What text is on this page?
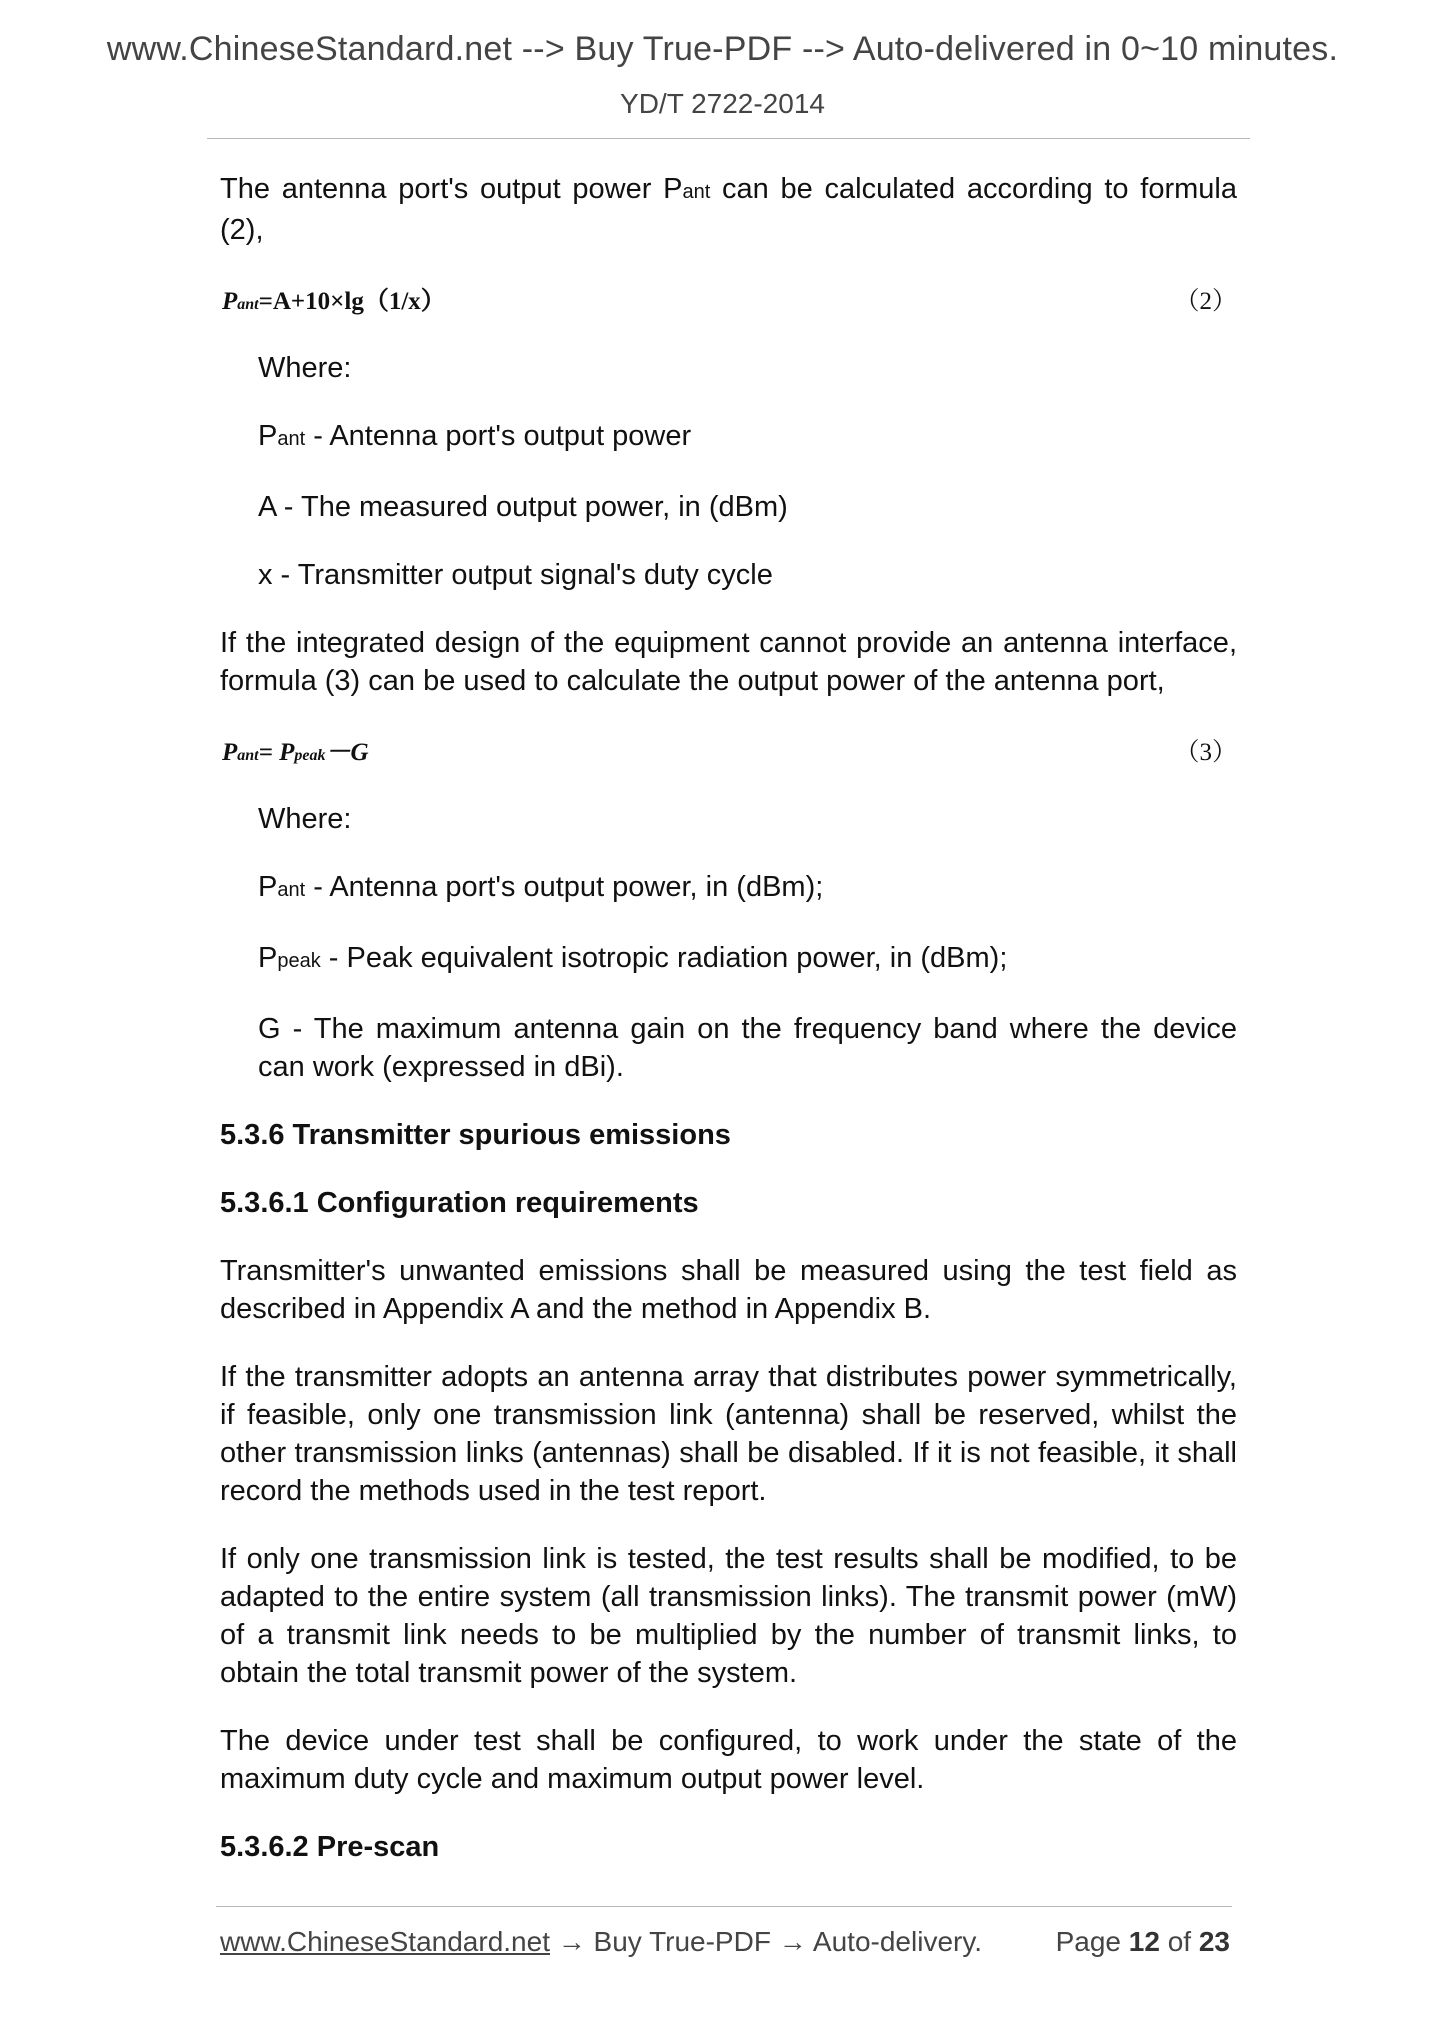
www.ChineseStandard.net --> Buy True-PDF --> Auto-delivered in 0~10 minutes.
YD/T 2722-2014

The antenna port's output power Pant can be calculated according to formula (2),

Pant=A+10×lg（1/x）	（2）

Where:

Pant - Antenna port's output power

A - The measured output power, in (dBm)

x - Transmitter output signal's duty cycle

If the integrated design of the equipment cannot provide an antenna interface, formula (3) can be used to calculate the output power of the antenna port,

Pant= Ppeak－G	（3）

Where:

Pant - Antenna port's output power, in (dBm);

Ppeak - Peak equivalent isotropic radiation power, in (dBm);

G - The maximum antenna gain on the frequency band where the device can work (expressed in dBi).

5.3.6 Transmitter spurious emissions

5.3.6.1 Configuration requirements

Transmitter's unwanted emissions shall be measured using the test field as described in Appendix A and the method in Appendix B.

If the transmitter adopts an antenna array that distributes power symmetrically, if feasible, only one transmission link (antenna) shall be reserved, whilst the other transmission links (antennas) shall be disabled. If it is not feasible, it shall record the methods used in the test report.

If only one transmission link is tested, the test results shall be modified, to be adapted to the entire system (all transmission links). The transmit power (mW) of a transmit link needs to be multiplied by the number of transmit links, to obtain the total transmit power of the system.

The device under test shall be configured, to work under the state of the maximum duty cycle and maximum output power level.

5.3.6.2 Pre-scan

www.ChineseStandard.net → Buy True-PDF → Auto-delivery.	Page 12 of 23
